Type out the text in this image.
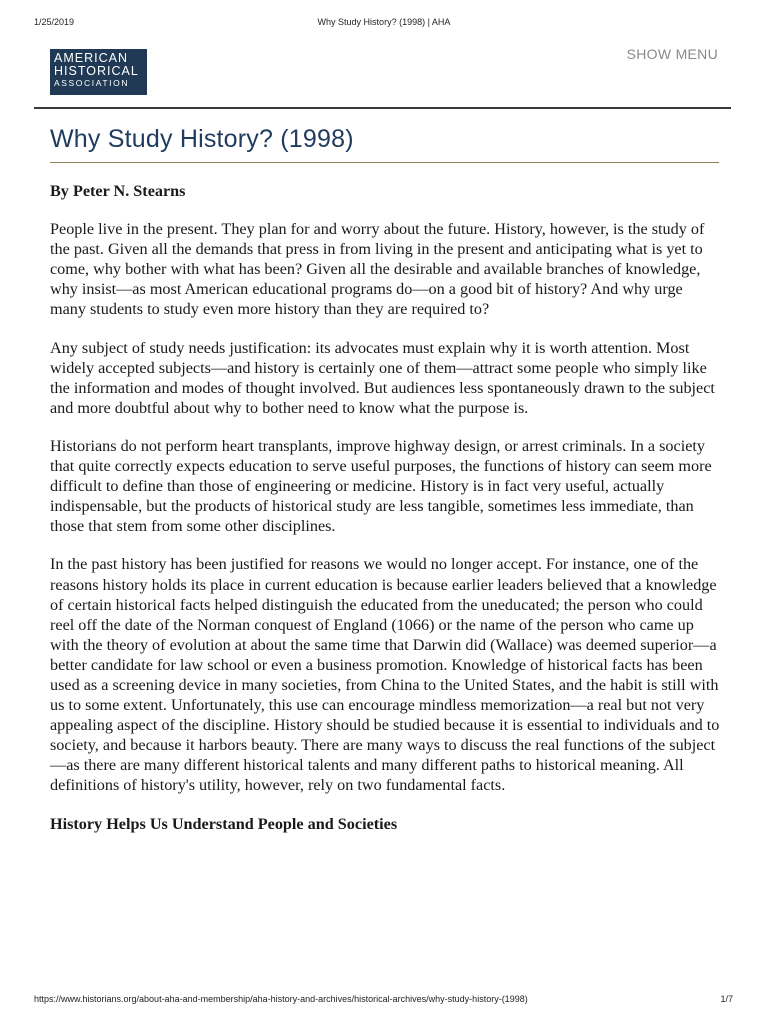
1/25/2019	Why Study History? (1998) | AHA
AMERICAN
HISTORICAL
ASSOCIATION
SHOW MENU
Why Study History? (1998)
By Peter N. Stearns

People live in the present. They plan for and worry about the future. History, however, is the study of the past. Given all the demands that press in from living in the present and anticipating what is yet to come, why bother with what has been? Given all the desirable and available branches of knowledge, why insist—as most American educational programs do—on a good bit of history? And why urge many students to study even more history than they are required to?

Any subject of study needs justification: its advocates must explain why it is worth attention. Most widely accepted subjects—and history is certainly one of them—attract some people who simply like the information and modes of thought involved. But audiences less spontaneously drawn to the subject and more doubtful about why to bother need to know what the purpose is.

Historians do not perform heart transplants, improve highway design, or arrest criminals. In a society that quite correctly expects education to serve useful purposes, the functions of history can seem more difficult to define than those of engineering or medicine. History is in fact very useful, actually indispensable, but the products of historical study are less tangible, sometimes less immediate, than those that stem from some other disciplines.

In the past history has been justified for reasons we would no longer accept. For instance, one of the reasons history holds its place in current education is because earlier leaders believed that a knowledge of certain historical facts helped distinguish the educated from the uneducated; the person who could reel off the date of the Norman conquest of England (1066) or the name of the person who came up with the theory of evolution at about the same time that Darwin did (Wallace) was deemed superior—a better candidate for law school or even a business promotion. Knowledge of historical facts has been used as a screening device in many societies, from China to the United States, and the habit is still with us to some extent. Unfortunately, this use can encourage mindless memorization—a real but not very appealing aspect of the discipline. History should be studied because it is essential to individuals and to society, and because it harbors beauty. There are many ways to discuss the real functions of the subject—as there are many different historical talents and many different paths to historical meaning. All definitions of history's utility, however, rely on two fundamental facts.

History Helps Us Understand People and Societies
https://www.historians.org/about-aha-and-membership/aha-history-and-archives/historical-archives/why-study-history-(1998)	1/7
